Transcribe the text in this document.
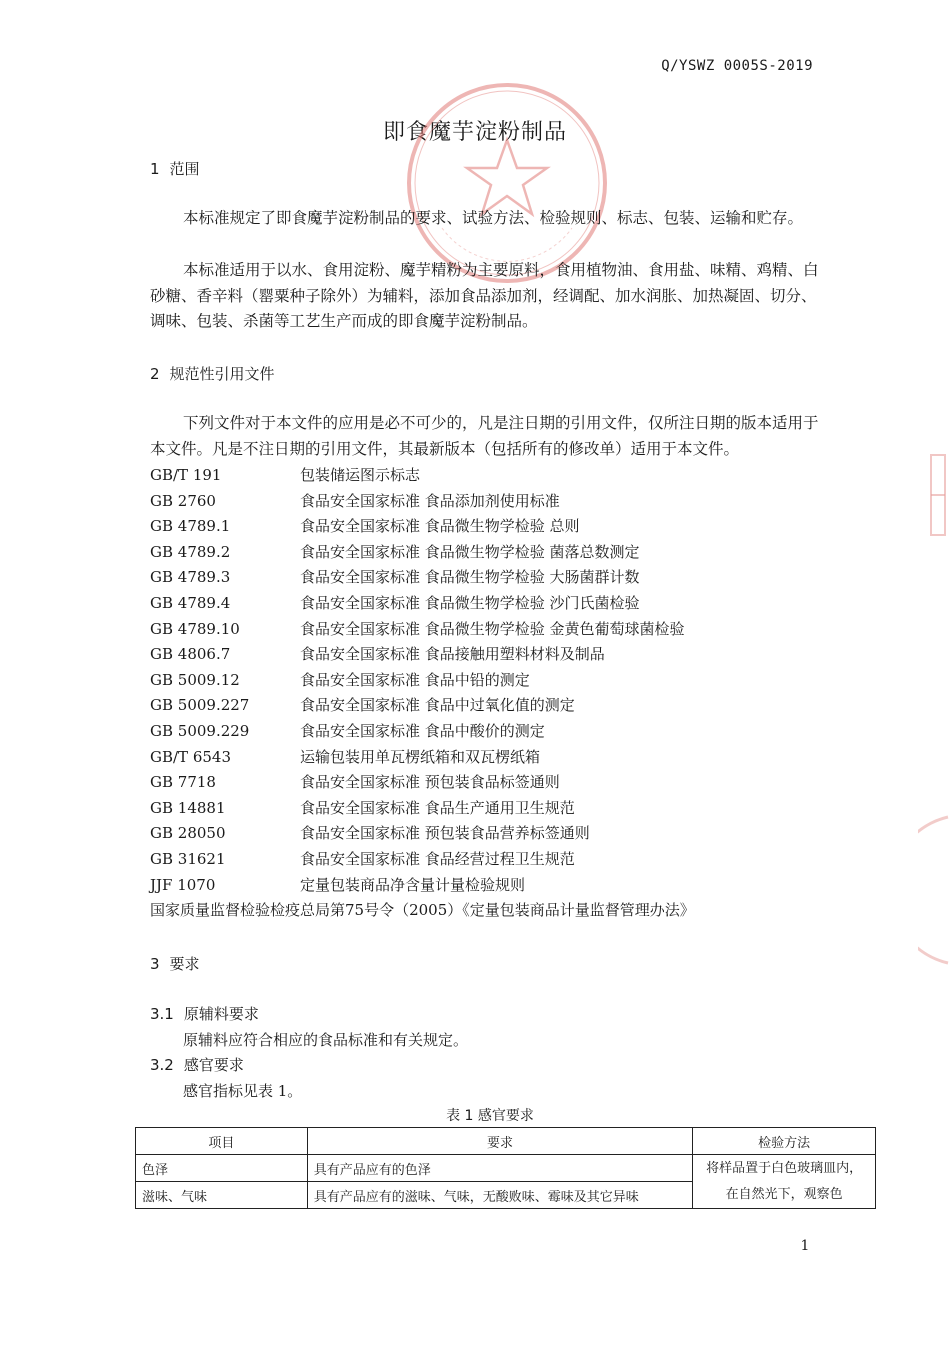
Q/YSWZ 0005S-2019
即食魔芋淀粉制品
1 范围
本标准规定了即食魔芋淀粉制品的要求、试验方法、检验规则、标志、包装、运输和贮存。
本标准适用于以水、食用淀粉、魔芋精粉为主要原料，食用植物油、食用盐、味精、鸡精、白砂糖、香辛料（罂粟种子除外）为辅料，添加食品添加剂，经调配、加水润胀、加热凝固、切分、调味、包装、杀菌等工艺生产而成的即食魔芋淀粉制品。
2 规范性引用文件
下列文件对于本文件的应用是必不可少的，凡是注日期的引用文件，仅所注日期的版本适用于本文件。凡是不注日期的引用文件，其最新版本（包括所有的修改单）适用于本文件。
GB/T 191	包装储运图示标志
GB 2760	食品安全国家标准 食品添加剂使用标准
GB 4789.1	食品安全国家标准 食品微生物学检验 总则
GB 4789.2	食品安全国家标准 食品微生物学检验 菌落总数测定
GB 4789.3	食品安全国家标准 食品微生物学检验 大肠菌群计数
GB 4789.4	食品安全国家标准 食品微生物学检验 沙门氏菌检验
GB 4789.10	食品安全国家标准 食品微生物学检验 金黄色葡萄球菌检验
GB 4806.7	食品安全国家标准 食品接触用塑料材料及制品
GB 5009.12	食品安全国家标准 食品中铅的测定
GB 5009.227	食品安全国家标准 食品中过氧化值的测定
GB 5009.229	食品安全国家标准 食品中酸价的测定
GB/T 6543	运输包装用单瓦楞纸箱和双瓦楞纸箱
GB 7718	食品安全国家标准 预包装食品标签通则
GB 14881	食品安全国家标准 食品生产通用卫生规范
GB 28050	食品安全国家标准 预包装食品营养标签通则
GB 31621	食品安全国家标准 食品经营过程卫生规范
JJF 1070	定量包装商品净含量计量检验规则
国家质量监督检验检疫总局第75号令（2005）《定量包装商品计量监督管理办法》
3 要求
3.1 原辅料要求
原辅料应符合相应的食品标准和有关规定。
3.2 感官要求
感官指标见表 1。
表 1 感官要求
项目	要求	检验方法
色泽	具有产品应有的色泽	将样品置于白色玻璃皿内，在自然光下，观察色
滋味、气味	具有产品应有的滋味、气味，无酸败味、霉味及其它异味	
1
